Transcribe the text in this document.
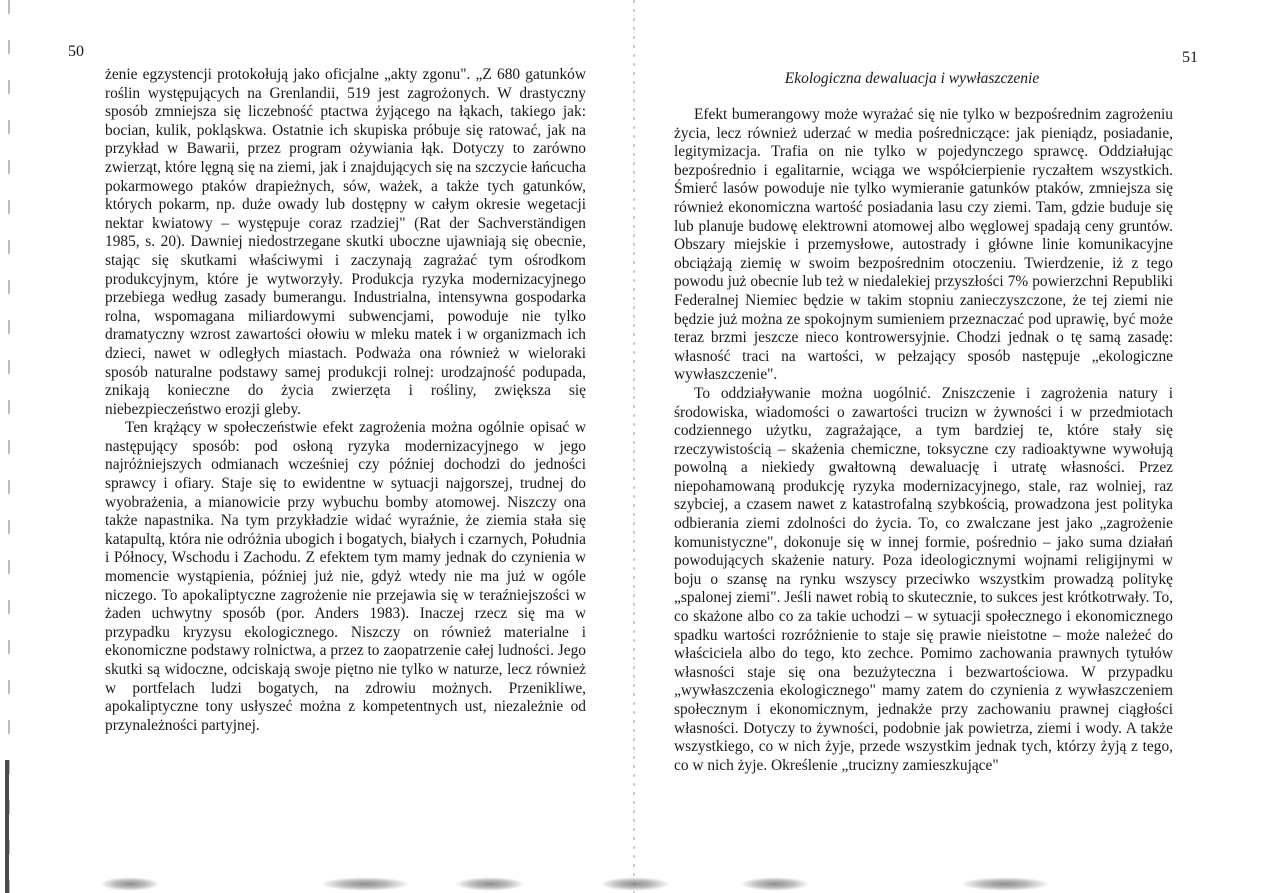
50

żenie egzystencji protokołują jako oficjalne „akty zgonu". „Z 680 gatunków roślin występujących na Grenlandii, 519 jest zagrożonych. W drastyczny sposób zmniejsza się liczebność ptactwa żyjącego na łąkach, takiego jak: bocian, kulik, pokląskwa. Ostatnie ich skupiska próbuje się ratować, jak na przykład w Bawarii, przez program ożywiania łąk. Dotyczy to zarówno zwierząt, które lęgną się na ziemi, jak i znajdujących się na szczycie łańcucha pokarmowego ptaków drapieżnych, sów, ważek, a także tych gatunków, których pokarm, np. duże owady lub dostępny w całym okresie wegetacji nektar kwiatowy – występuje coraz rzadziej" (Rat der Sachverständigen 1985, s. 20). Dawniej niedostrzegane skutki uboczne ujawniają się obecnie, stając się skutkami właściwymi i zaczynają zagrażać tym ośrodkom produkcyjnym, które je wytworzyły. Produkcja ryzyka modernizacyjnego przebiega według zasady bumerangu. Industrialna, intensywna gospodarka rolna, wspomagana miliardowymi subwencjami, powoduje nie tylko dramatyczny wzrost zawartości ołowiu w mleku matek i w organizmach ich dzieci, nawet w odległych miastach. Podważa ona również w wieloraki sposób naturalne podstawy samej produkcji rolnej: urodzajność podupada, znikają konieczne do życia zwierzęta i rośliny, zwiększa się niebezpieczeństwo erozji gleby.

Ten krążący w społeczeństwie efekt zagrożenia można ogólnie opisać w następujący sposób: pod osłoną ryzyka modernizacyjnego w jego najróżniejszych odmianach wcześniej czy później dochodzi do jedności sprawcy i ofiary. Staje się to ewidentne w sytuacji najgorszej, trudnej do wyobrażenia, a mianowicie przy wybuchu bomby atomowej. Niszczy ona także napastnika. Na tym przykładzie widać wyraźnie, że ziemia stała się katapultą, która nie odróżnia ubogich i bogatych, białych i czarnych, Południa i Północy, Wschodu i Zachodu. Z efektem tym mamy jednak do czynienia w momencie wystąpienia, później już nie, gdyż wtedy nie ma już w ogóle niczego. To apokaliptyczne zagrożenie nie przejawia się w teraźniejszości w żaden uchwytny sposób (por. Anders 1983). Inaczej rzecz się ma w przypadku kryzysu ekologicznego. Niszczy on również materialne i ekonomiczne podstawy rolnictwa, a przez to zaopatrzenie całej ludności. Jego skutki są widoczne, odciskają swoje piętno nie tylko w naturze, lecz również w portfelach ludzi bogatych, na zdrowiu możnych. Przenikliwe, apokaliptyczne tony usłyszeć można z kompetentnych ust, niezależnie od przynależności partyjnej.

Ekologiczna dewaluacja i wywłaszczenie
51

Efekt bumerangowy może wyrażać się nie tylko w bezpośrednim zagrożeniu życia, lecz również uderzać w media pośredniczące: jak pieniądz, posiadanie, legitymizacja. Trafia on nie tylko w pojedynczego sprawcę. Oddziałując bezpośrednio i egalitarnie, wciąga we współcierpienie ryczałtem wszystkich. Śmierć lasów powoduje nie tylko wymieranie gatunków ptaków, zmniejsza się również ekonomiczna wartość posiadania lasu czy ziemi. Tam, gdzie buduje się lub planuje budowę elektrowni atomowej albo węglowej spadają ceny gruntów. Obszary miejskie i przemysłowe, autostrady i główne linie komunikacyjne obciążają ziemię w swoim bezpośrednim otoczeniu. Twierdzenie, iż z tego powodu już obecnie lub też w niedalekiej przyszłości 7% powierzchni Republiki Federalnej Niemiec będzie w takim stopniu zanieczyszczone, że tej ziemi nie będzie już można ze spokojnym sumieniem przeznaczać pod uprawię, być może teraz brzmi jeszcze nieco kontrowersyjnie. Chodzi jednak o tę samą zasadę: własność traci na wartości, w pełzający sposób następuje „ekologiczne wywłaszczenie".

To oddziaływanie można uogólnić. Zniszczenie i zagrożenia natury i środowiska, wiadomości o zawartości trucizn w żywności i w przedmiotach codziennego użytku, zagrażające, a tym bardziej te, które stały się rzeczywistością – skażenia chemiczne, toksyczne czy radioaktywne wywołują powolną a niekiedy gwałtowną dewaluację i utratę własności. Przez niepohamowaną produkcję ryzyka modernizacyjnego, stale, raz wolniej, raz szybciej, a czasem nawet z katastrofalną szybkością, prowadzona jest polityka odbierania ziemi zdolności do życia. To, co zwalczane jest jako „zagrożenie komunistyczne", dokonuje się w innej formie, pośrednio – jako suma działań powodujących skażenie natury. Poza ideologicznymi wojnami religijnymi w boju o szansę na rynku wszyscy przeciwko wszystkim prowadzą politykę „spalonej ziemi". Jeśli nawet robią to skutecznie, to sukces jest krótkotrwały. To, co skażone albo co za takie uchodzi – w sytuacji społecznego i ekonomicznego spadku wartości rozróżnienie to staje się prawie nieistotne – może należeć do właściciela albo do tego, kto zechce. Pomimo zachowania prawnych tytułów własności staje się ona bezużyteczna i bezwartościowa. W przypadku „wywłaszczenia ekologicznego" mamy zatem do czynienia z wywłaszczeniem społecznym i ekonomicznym, jednakże przy zachowaniu prawnej ciągłości własności. Dotyczy to żywności, podobnie jak powietrza, ziemi i wody. A także wszystkiego, co w nich żyje, przede wszystkim jednak tych, którzy żyją z tego, co w nich żyje. Określenie „trucizny zamieszkujące"
